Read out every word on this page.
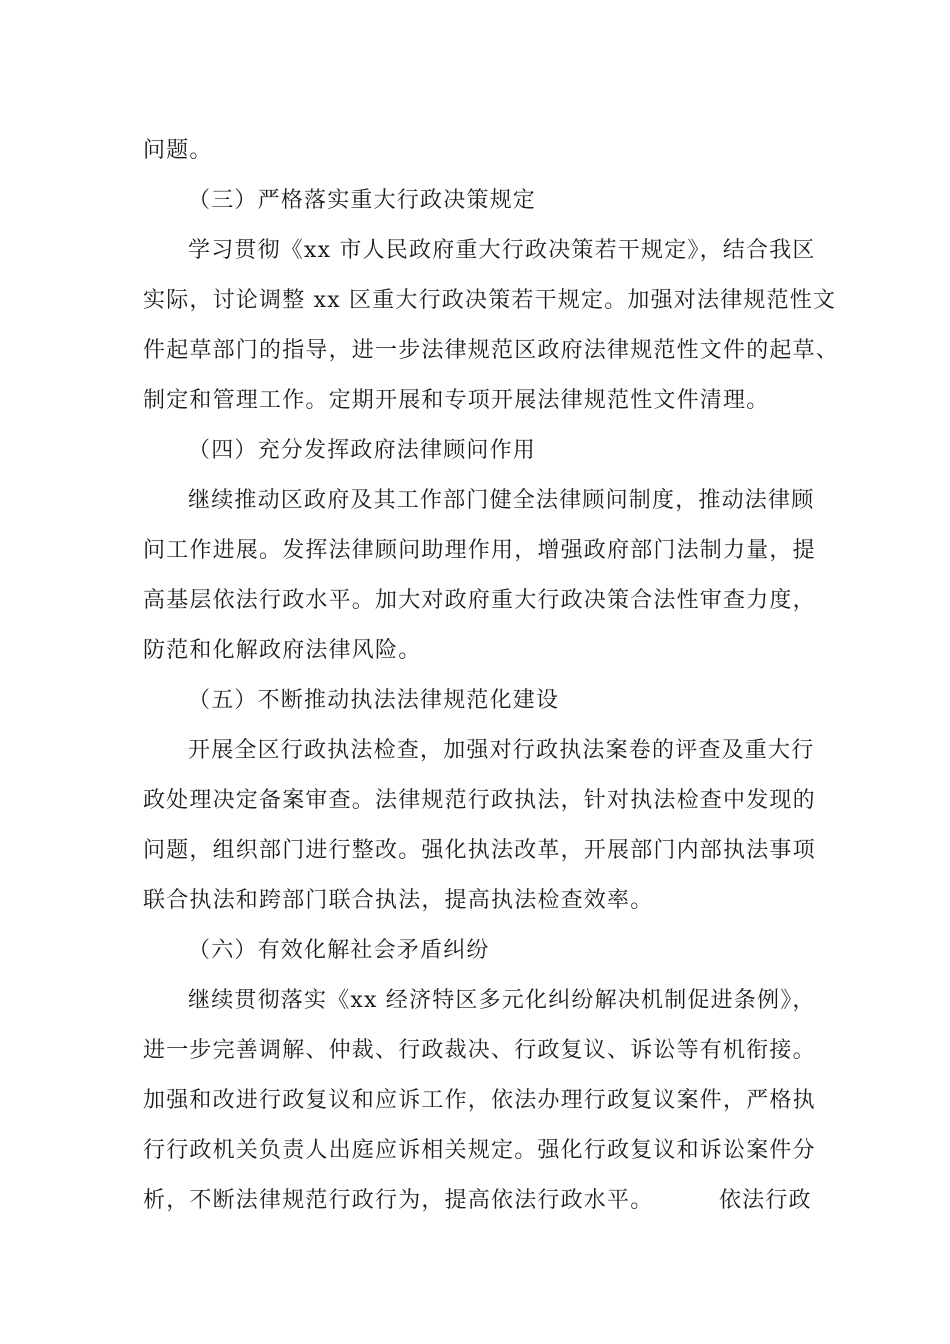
问题。
（三）严格落实重大行政决策规定
学习贯彻《xx 市人民政府重大行政决策若干规定》，结合我区
实际，讨论调整 xx 区重大行政决策若干规定。加强对法律规范性文
件起草部门的指导，进一步法律规范区政府法律规范性文件的起草、
制定和管理工作。定期开展和专项开展法律规范性文件清理。
（四）充分发挥政府法律顾问作用
继续推动区政府及其工作部门健全法律顾问制度，推动法律顾
问工作进展。发挥法律顾问助理作用，增强政府部门法制力量，提
高基层依法行政水平。加大对政府重大行政决策合法性审查力度，
防范和化解政府法律风险。
（五）不断推动执法法律规范化建设
开展全区行政执法检查，加强对行政执法案卷的评查及重大行
政处理决定备案审查。法律规范行政执法，针对执法检查中发现的
问题，组织部门进行整改。强化执法改革，开展部门内部执法事项
联合执法和跨部门联合执法，提高执法检查效率。
（六）有效化解社会矛盾纠纷
继续贯彻落实《xx 经济特区多元化纠纷解决机制促进条例》，
进一步完善调解、仲裁、行政裁决、行政复议、诉讼等有机衔接。
加强和改进行政复议和应诉工作，依法办理行政复议案件，严格执
行行政机关负责人出庭应诉相关规定。强化行政复议和诉讼案件分
析，不断法律规范行政行为，提高依法行政水平。        依法行政
